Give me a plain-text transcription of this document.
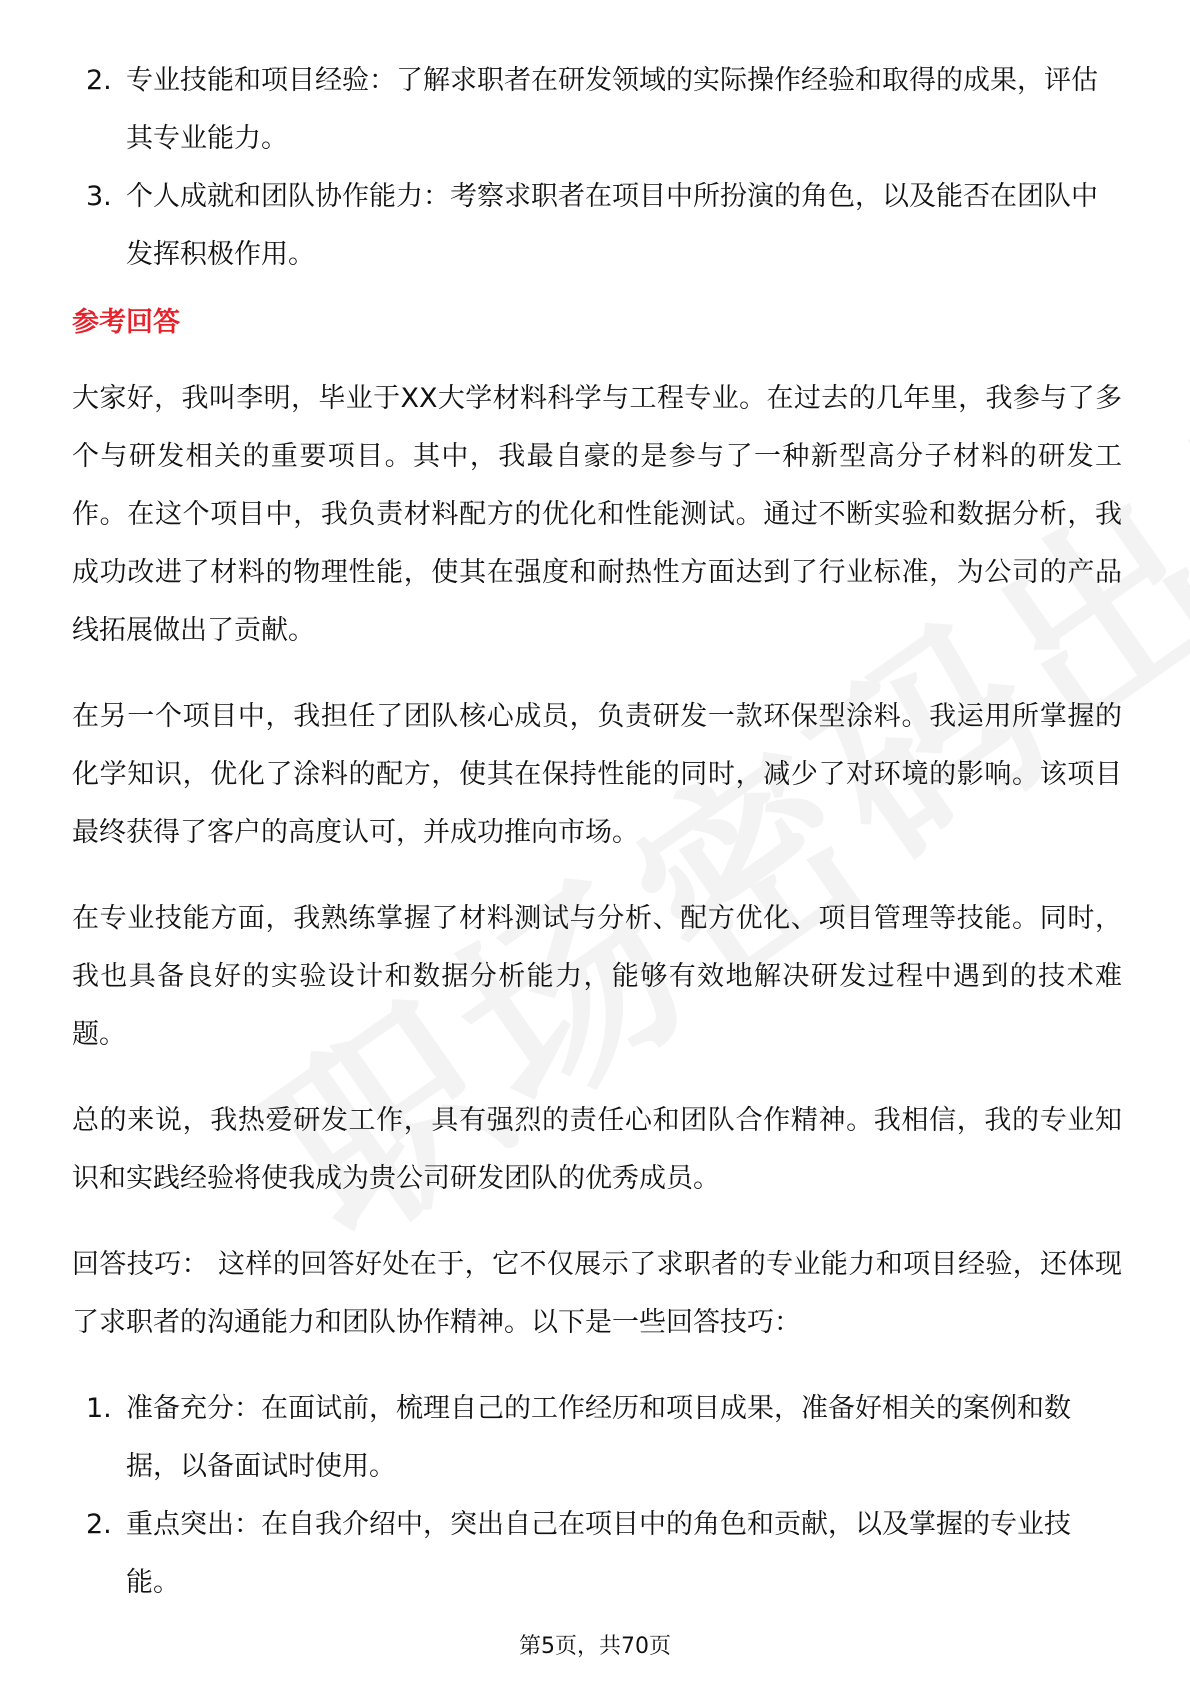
2. 专业技能和项目经验：了解求职者在研发领域的实际操作经验和取得的成果，评估其专业能力。
3. 个人成就和团队协作能力：考察求职者在项目中所扮演的角色，以及能否在团队中发挥积极作用。
参考回答

大家好，我叫李明，毕业于XX大学材料科学与工程专业。在过去的几年里，我参与了多个与研发相关的重要项目。其中，我最自豪的是参与了一种新型高分子材料的研发工作。在这个项目中，我负责材料配方的优化和性能测试。通过不断实验和数据分析，我成功改进了材料的物理性能，使其在强度和耐热性方面达到了行业标准，为公司的产品线拓展做出了贡献。

在另一个项目中，我担任了团队核心成员，负责研发一款环保型涂料。我运用所掌握的化学知识，优化了涂料的配方，使其在保持性能的同时，减少了对环境的影响。该项目最终获得了客户的高度认可，并成功推向市场。

在专业技能方面，我熟练掌握了材料测试与分析、配方优化、项目管理等技能。同时，我也具备良好的实验设计和数据分析能力，能够有效地解决研发过程中遇到的技术难题。

总的来说，我热爱研发工作，具有强烈的责任心和团队合作精神。我相信，我的专业知识和实践经验将使我成为贵公司研发团队的优秀成员。

回答技巧： 这样的回答好处在于，它不仅展示了求职者的专业能力和项目经验，还体现了求职者的沟通能力和团队协作精神。以下是一些回答技巧：

1. 准备充分：在面试前，梳理自己的工作经历和项目成果，准备好相关的案例和数据，以备面试时使用。
2. 重点突出：在自我介绍中，突出自己在项目中的角色和贡献，以及掌握的专业技能。
第5页，共70页
